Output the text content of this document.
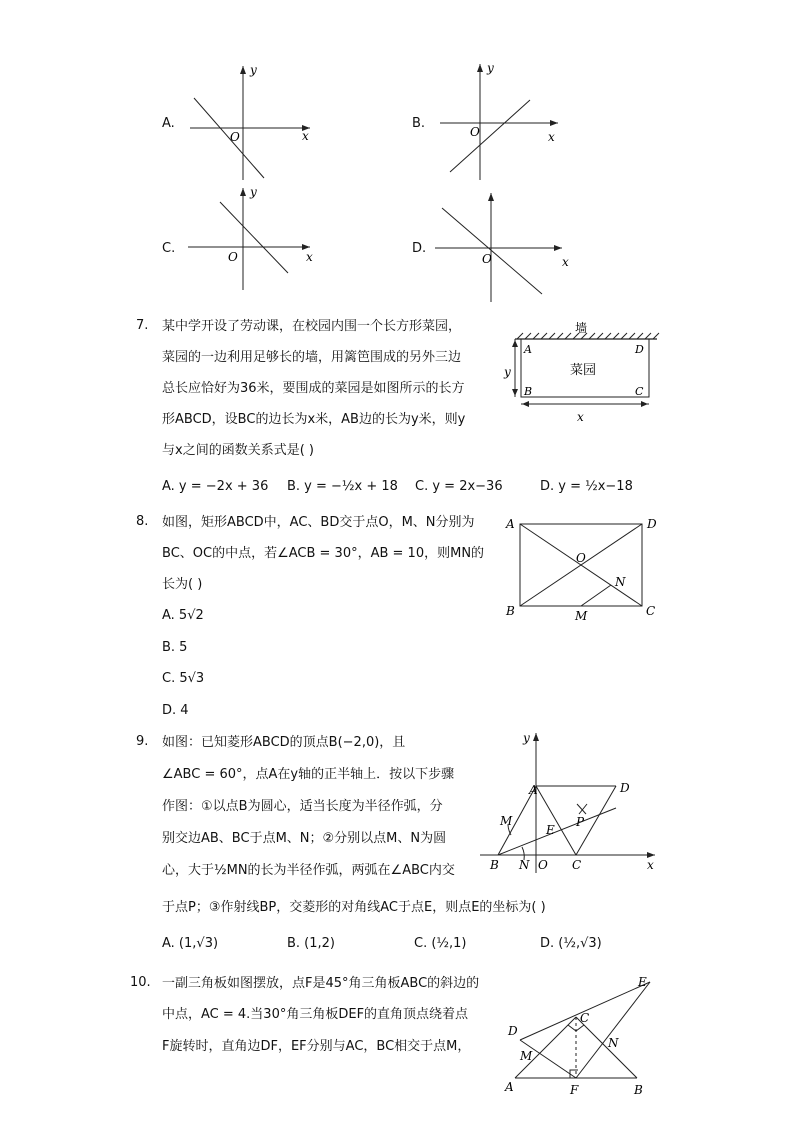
A.	B.
C.	D.
y
x
O
y
x
O
y
x
O	O	x
7. 某中学开设了劳动课，在校园内围一个长方形菜园，
菜园的一边利用足够长的墙，用篱笆围成的另外三边
总长应恰好为36米，要围成的菜园是如图所示的长方
形ABCD，设BC的边长为x米，AB边的长为y米，则y
与x之间的函数关系式是( )
A. y = −2x + 36 B. y = −½x + 18 C. y = 2x−36	D. y = ½x−18
墙
菜园
A
B	C
D
y
x
8. 如图，矩形ABCD中，AC、BD交于点O，M、N分别为
BC、OC的中点，若∠ACB = 30°，AB = 10，则MN的
长为( )
A. 5√2
B. 5
C. 5√3
D. 4
A	D
B	C
O
N
M
9. 如图：已知菱形ABCD的顶点B(−2,0)，且
∠ABC = 60°，点A在y轴的正半轴上．按以下步骤
作图：①以点B为圆心，适当长度为半径作弧，分
别交边AB、BC于点M、N；②分别以点M、N为圆
心，大于½MN的长为半径作弧，两弧在∠ABC内交
于点P；③作射线BP，交菱形的对角线AC于点E，则点E的坐标为( )
A. (1,√3)	B. (1,2)	C. (½,1)	D. (½,√3)
y
x
A	D
B N O C
M
E
P
10. 一副三角板如图摆放，点F是45°角三角板ABC的斜边的
中点，AC = 4.当30°角三角板DEF的直角顶点绕着点
F旋转时，直角边DF，EF分别与AC，BC相交于点M，
E
D
C
M
N
A	F	B
